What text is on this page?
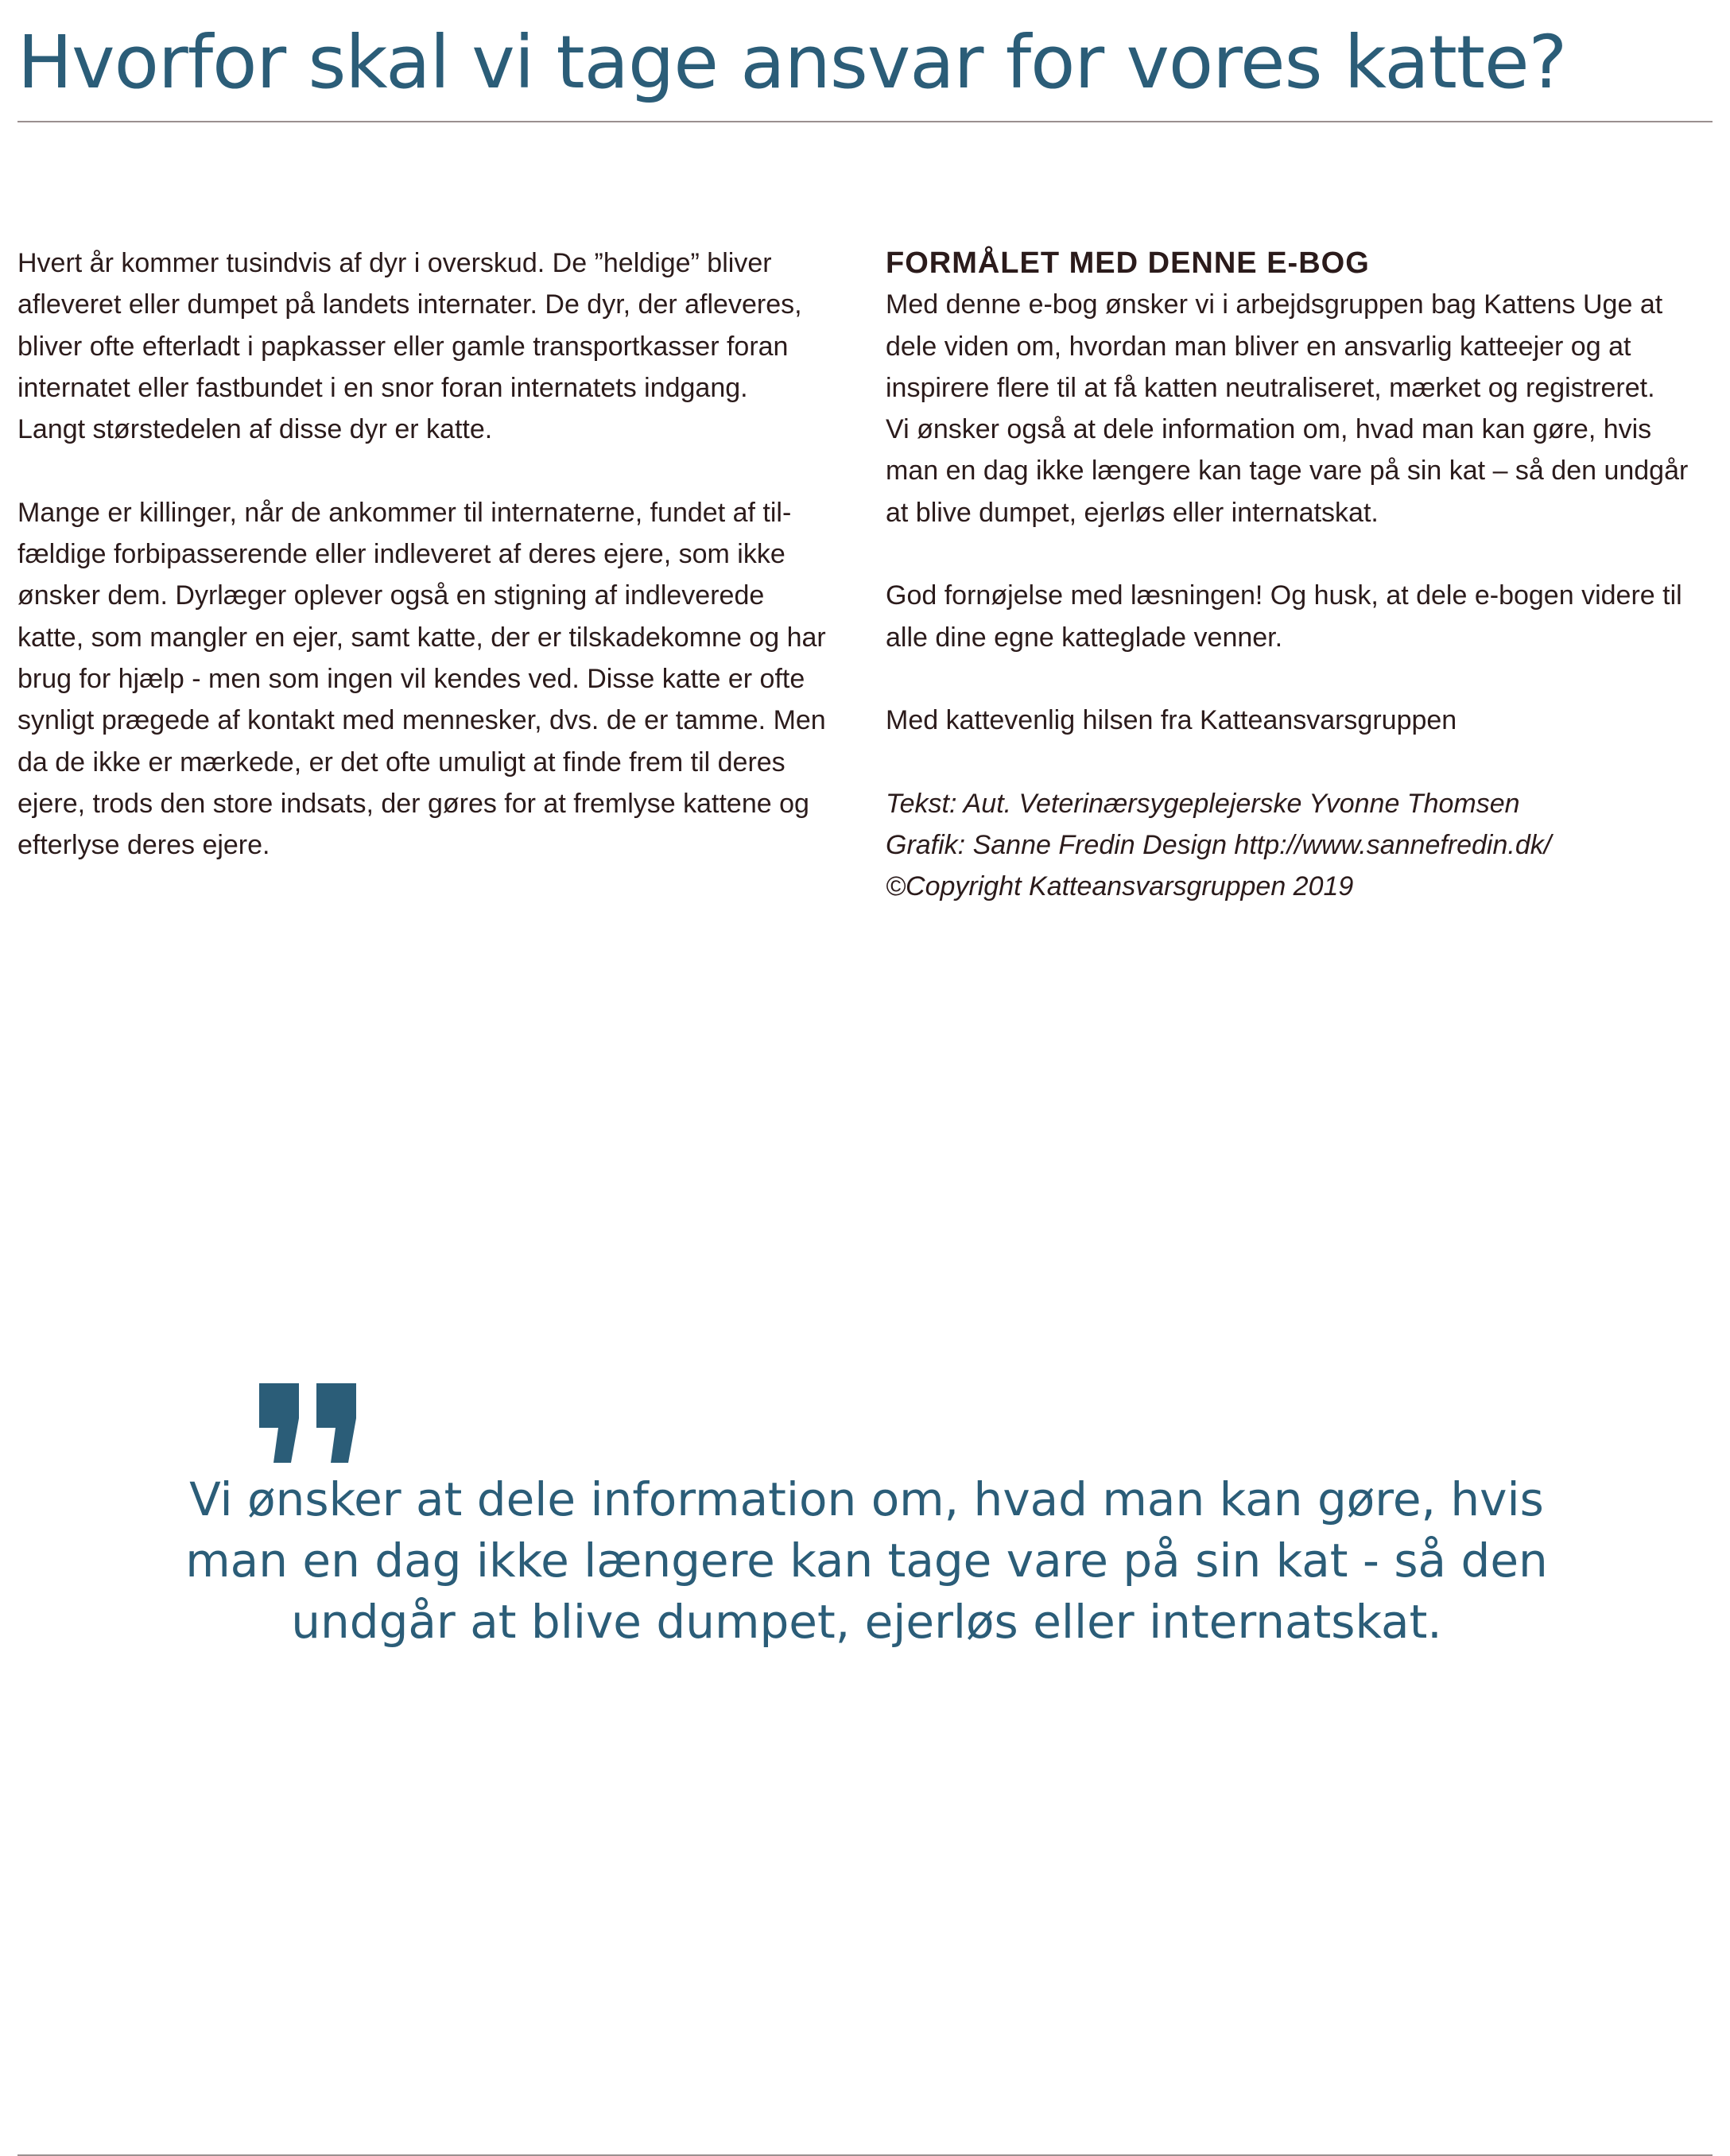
Hvorfor skal vi tage ansvar for vores katte?

Hvert år kommer tusindvis af dyr i overskud. De ”heldige” bliver
afleveret eller dumpet på landets internater. De dyr, der afleveres,
bliver ofte efterladt i papkasser eller gamle transportkasser foran
internatet eller fastbundet i en snor foran internatets indgang.
Langt størstedelen af disse dyr er katte.

Mange er killinger, når de ankommer til internaterne, fundet af til-
fældige forbipasserende eller indleveret af deres ejere, som ikke
ønsker dem. Dyrlæger oplever også en stigning af indleverede
katte, som mangler en ejer, samt katte, der er tilskadekomne og har
brug for hjælp - men som ingen vil kendes ved. Disse katte er ofte
synligt prægede af kontakt med mennesker, dvs. de er tamme. Men
da de ikke er mærkede, er det ofte umuligt at finde frem til deres
ejere, trods den store indsats, der gøres for at fremlyse kattene og
efterlyse deres ejere.

FORMÅLET MED DENNE E-BOG

Med denne e-bog ønsker vi i arbejdsgruppen bag Kattens Uge at
dele viden om, hvordan man bliver en ansvarlig katteejer og at
inspirere flere til at få katten neutraliseret, mærket og registreret.
Vi ønsker også at dele information om, hvad man kan gøre, hvis
man en dag ikke længere kan tage vare på sin kat – så den undgår
at blive dumpet, ejerløs eller internatskat.

God fornøjelse med læsningen! Og husk, at dele e-bogen videre til
alle dine egne katteglade venner.

Med kattevenlig hilsen fra Katteansvarsgruppen

Tekst: Aut. Veterinærsygeplejerske Yvonne Thomsen
Grafik: Sanne Fredin Design http://www.sannefredin.dk/
©Copyright Katteansvarsgruppen 2019

Vi ønsker at dele information om, hvad man kan gøre, hvis
man en dag ikke længere kan tage vare på sin kat - så den
undgår at blive dumpet, ejerløs eller internatskat.
